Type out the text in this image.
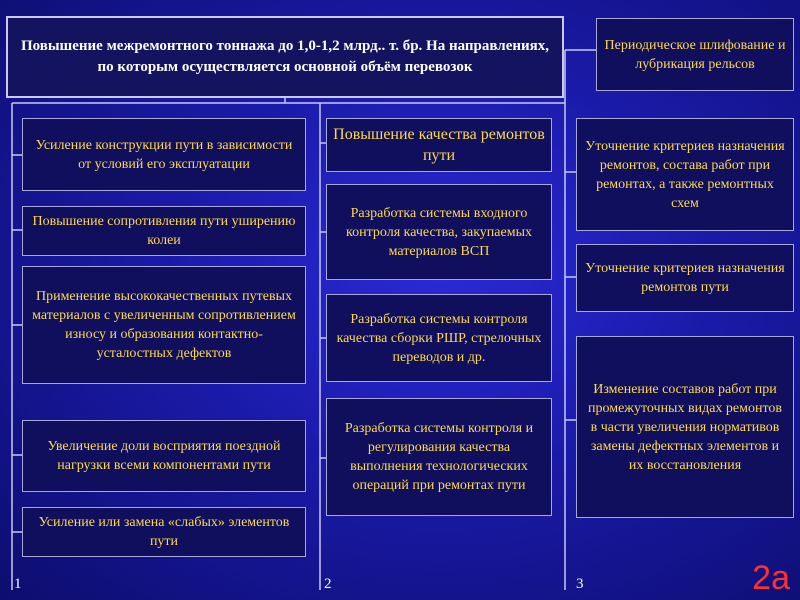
Повышение межремонтного тоннажа до 1,0-1,2 млрд.. т. бр. На направлениях, по которым осуществляется основной объём перевозок
Периодическое шлифование и лубрикация рельсов
Усиление конструкции пути в зависимости от условий его эксплуатации
Повышение сопротивления пути уширению колеи
Применение высококачественных путевых материалов с увеличенным сопротивлением износу и образования контактно-усталостных дефектов
Увеличение доли восприятия поездной нагрузки всеми компонентами пути
Усиление или замена «слабых» элементов пути
Повышение качества ремонтов пути
Разработка системы входного контроля качества, закупаемых материалов ВСП
Разработка системы контроля качества сборки РШР, стрелочных переводов и др.
Разработка системы контроля и регулирования качества выполнения технологических операций при ремонтах пути
Уточнение критериев назначения ремонтов, состава работ при ремонтах, а также ремонтных схем
Уточнение критериев назначения ремонтов пути
Изменение составов работ при промежуточных видах ремонтов в части увеличения нормативов замены дефектных элементов и их восстановления
1	2	3	2а
